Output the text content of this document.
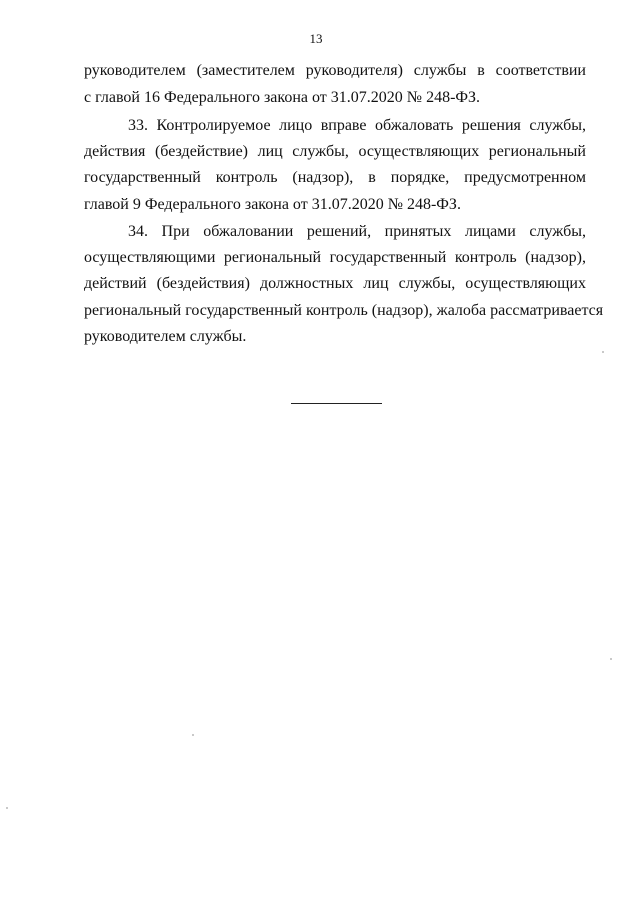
13
руководителем (заместителем руководителя) службы в соответствии
с главой 16 Федерального закона от 31.07.2020 № 248-ФЗ.
33. Контролируемое лицо вправе обжаловать решения службы,
действия (бездействие) лиц службы, осуществляющих региональный
государственный контроль (надзор), в порядке, предусмотренном
главой 9 Федерального закона от 31.07.2020 № 248-ФЗ.
34. При обжаловании решений, принятых лицами службы,
осуществляющими региональный государственный контроль (надзор),
действий (бездействия) должностных лиц службы, осуществляющих
региональный государственный контроль (надзор), жалоба рассматривается
руководителем службы.
